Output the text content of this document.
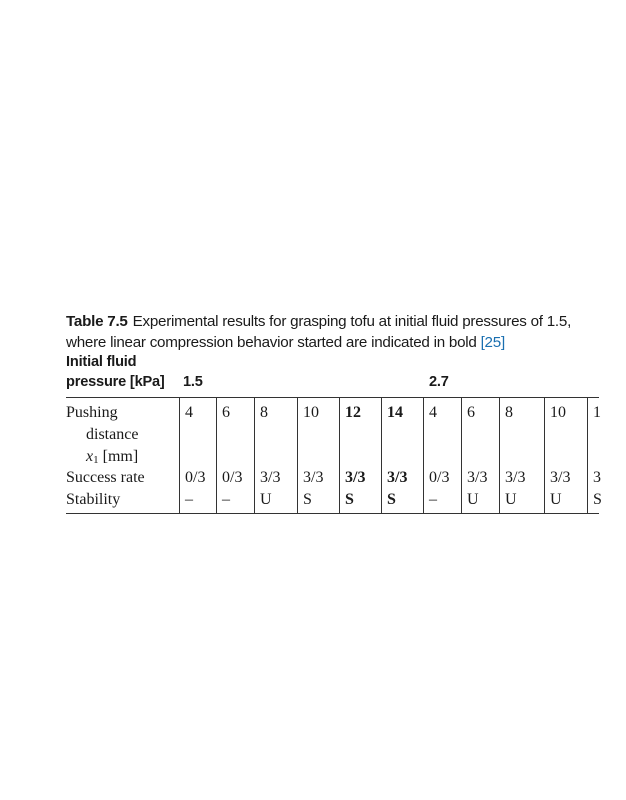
Table 7.5 Experimental results for grasping tofu at initial fluid pressures of 1.5,
where linear compression behavior started are indicated in bold [25]
Initial fluid
pressure [kPa] 1.5	2.7
Pushing
distance
$x_1$ [mm]
Success rate
Stability
4
0/3
–
6
0/3
–
8
3/3
U
10
3/3
S
12
3/3
S
14
3/3
S
4
0/3
–
6
3/3
U
8
3/3
U
10
3/3
U
1
3
S
